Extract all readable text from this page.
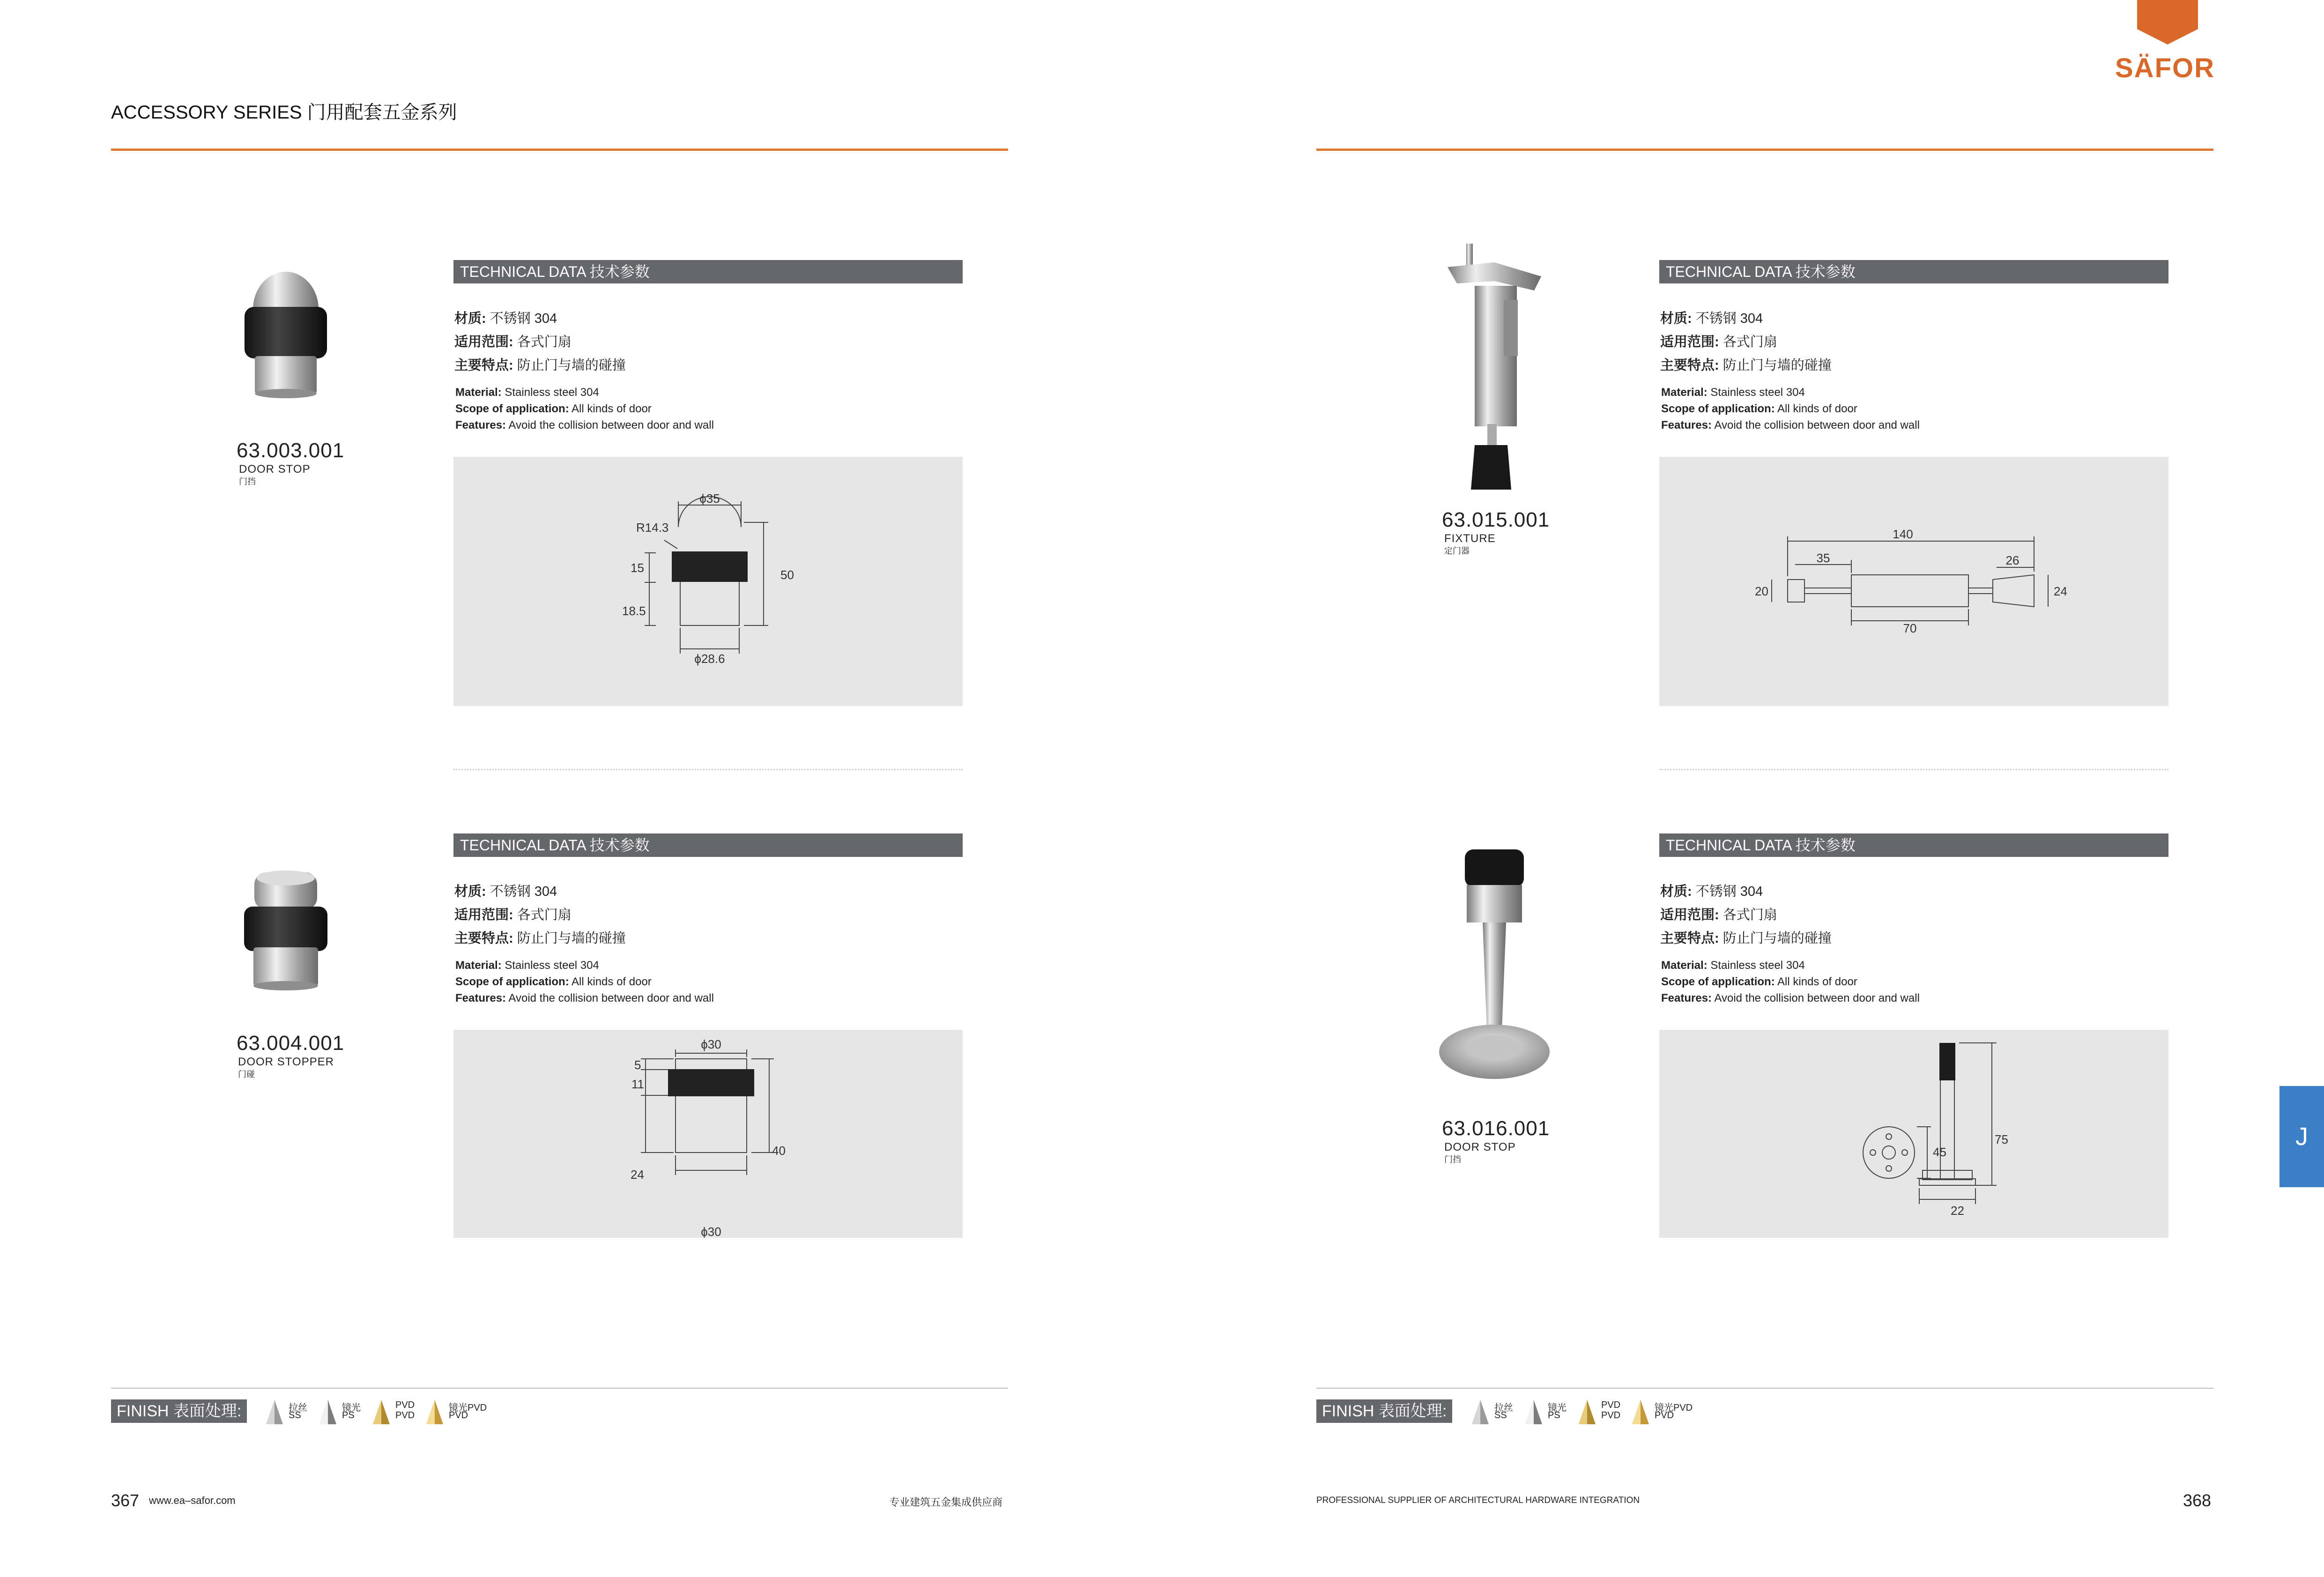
ACCESSORY SERIES 门用配套五金系列
SÄFOR
63.003.001
DOOR STOP
门挡
TECHNICAL DATA 技术参数
材质: 不锈钢 304
适用范围: 各式门扇
主要特点: 防止门与墙的碰撞
Material: Stainless steel 304
Scope of application: All kinds of door
Features: Avoid the collision between door and wall
ϕ35
R14.3
15
18.5
50
ϕ28.6
63.004.001
DOOR STOPPER
门碰
TECHNICAL DATA 技术参数
材质: 不锈钢 304
适用范围: 各式门扇
主要特点: 防止门与墙的碰撞
Material: Stainless steel 304
Scope of application: All kinds of door
Features: Avoid the collision between door and wall
ϕ30
5
11
24
40
ϕ30
63.015.001
FIXTURE
定门器
TECHNICAL DATA 技术参数
材质: 不锈钢 304
适用范围: 各式门扇
主要特点: 防止门与墙的碰撞
Material: Stainless steel 304
Scope of application: All kinds of door
Features: Avoid the collision between door and wall
140
35	26
20	24
70
63.016.001
DOOR STOP
门挡
TECHNICAL DATA 技术参数
材质: 不锈钢 304
适用范围: 各式门扇
主要特点: 防止门与墙的碰撞
Material: Stainless steel 304
Scope of application: All kinds of door
Features: Avoid the collision between door and wall
45
75
22
J
FINISH 表面处理:	拉丝
SS
镜光
PS
PVD
PVD
镜光PVD
PVD	FINISH 表面处理:	拉丝
SS
镜光
PS
PVD
PVD
镜光PVD
PVD
367 www.ea–safor.com	专业建筑五金集成供应商	PROFESSIONAL SUPPLIER OF ARCHITECTURAL HARDWARE INTEGRATION	368
